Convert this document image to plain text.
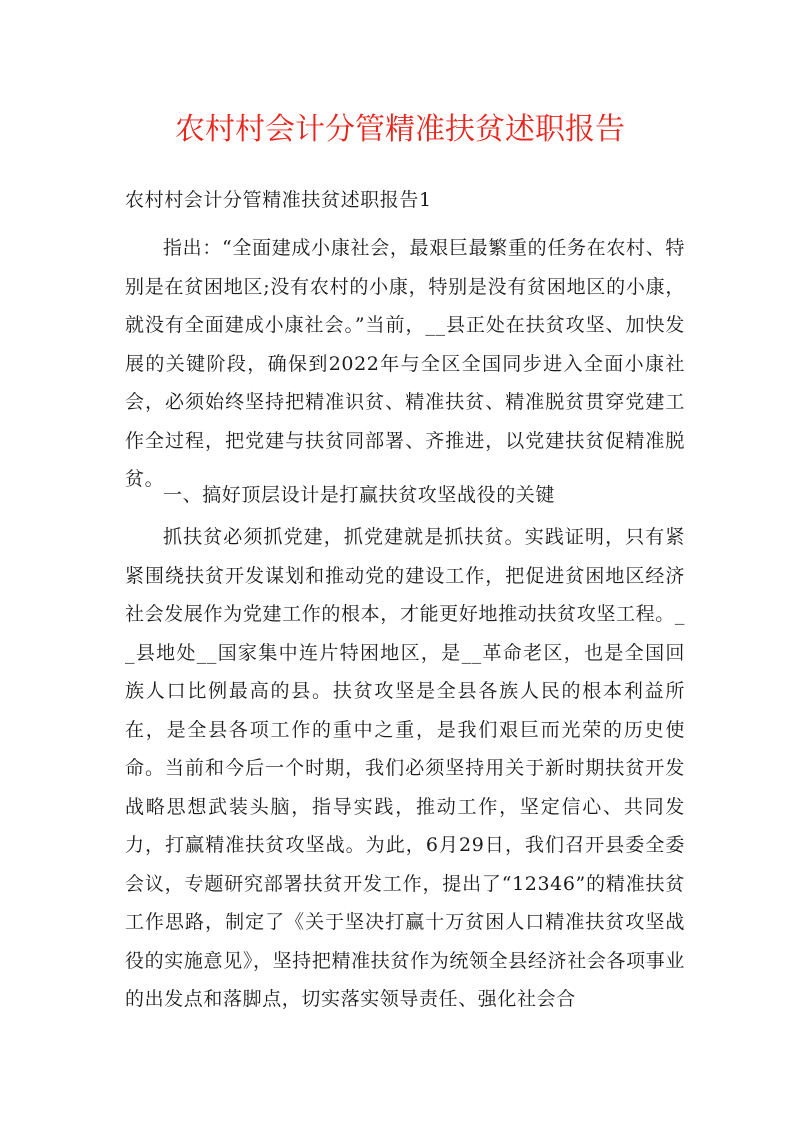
农村村会计分管精准扶贫述职报告

农村村会计分管精准扶贫述职报告1

指出：“全面建成小康社会，最艰巨最繁重的任务在农村、特别是在贫困地区;没有农村的小康，特别是没有贫困地区的小康，就没有全面建成小康社会。”当前，__县正处在扶贫攻坚、加快发展的关键阶段，确保到2022年与全区全国同步进入全面小康社会，必须始终坚持把精准识贫、精准扶贫、精准脱贫贯穿党建工作全过程，把党建与扶贫同部署、齐推进，以党建扶贫促精准脱贫。

一、搞好顶层设计是打赢扶贫攻坚战役的关键

抓扶贫必须抓党建，抓党建就是抓扶贫。实践证明，只有紧紧围绕扶贫开发谋划和推动党的建设工作，把促进贫困地区经济社会发展作为党建工作的根本，才能更好地推动扶贫攻坚工程。__县地处__国家集中连片特困地区，是__革命老区，也是全国回族人口比例最高的县。扶贫攻坚是全县各族人民的根本利益所在，是全县各项工作的重中之重，是我们艰巨而光荣的历史使命。当前和今后一个时期，我们必须坚持用关于新时期扶贫开发战略思想武装头脑，指导实践，推动工作，坚定信心、共同发力，打赢精准扶贫攻坚战。为此，6月29日，我们召开县委全委会议，专题研究部署扶贫开发工作，提出了“12346”的精准扶贫工作思路，制定了《关于坚决打赢十万贫困人口精准扶贫攻坚战役的实施意见》，坚持把精准扶贫作为统领全县经济社会各项事业的出发点和落脚点，切实落实领导责任、强化社会合
